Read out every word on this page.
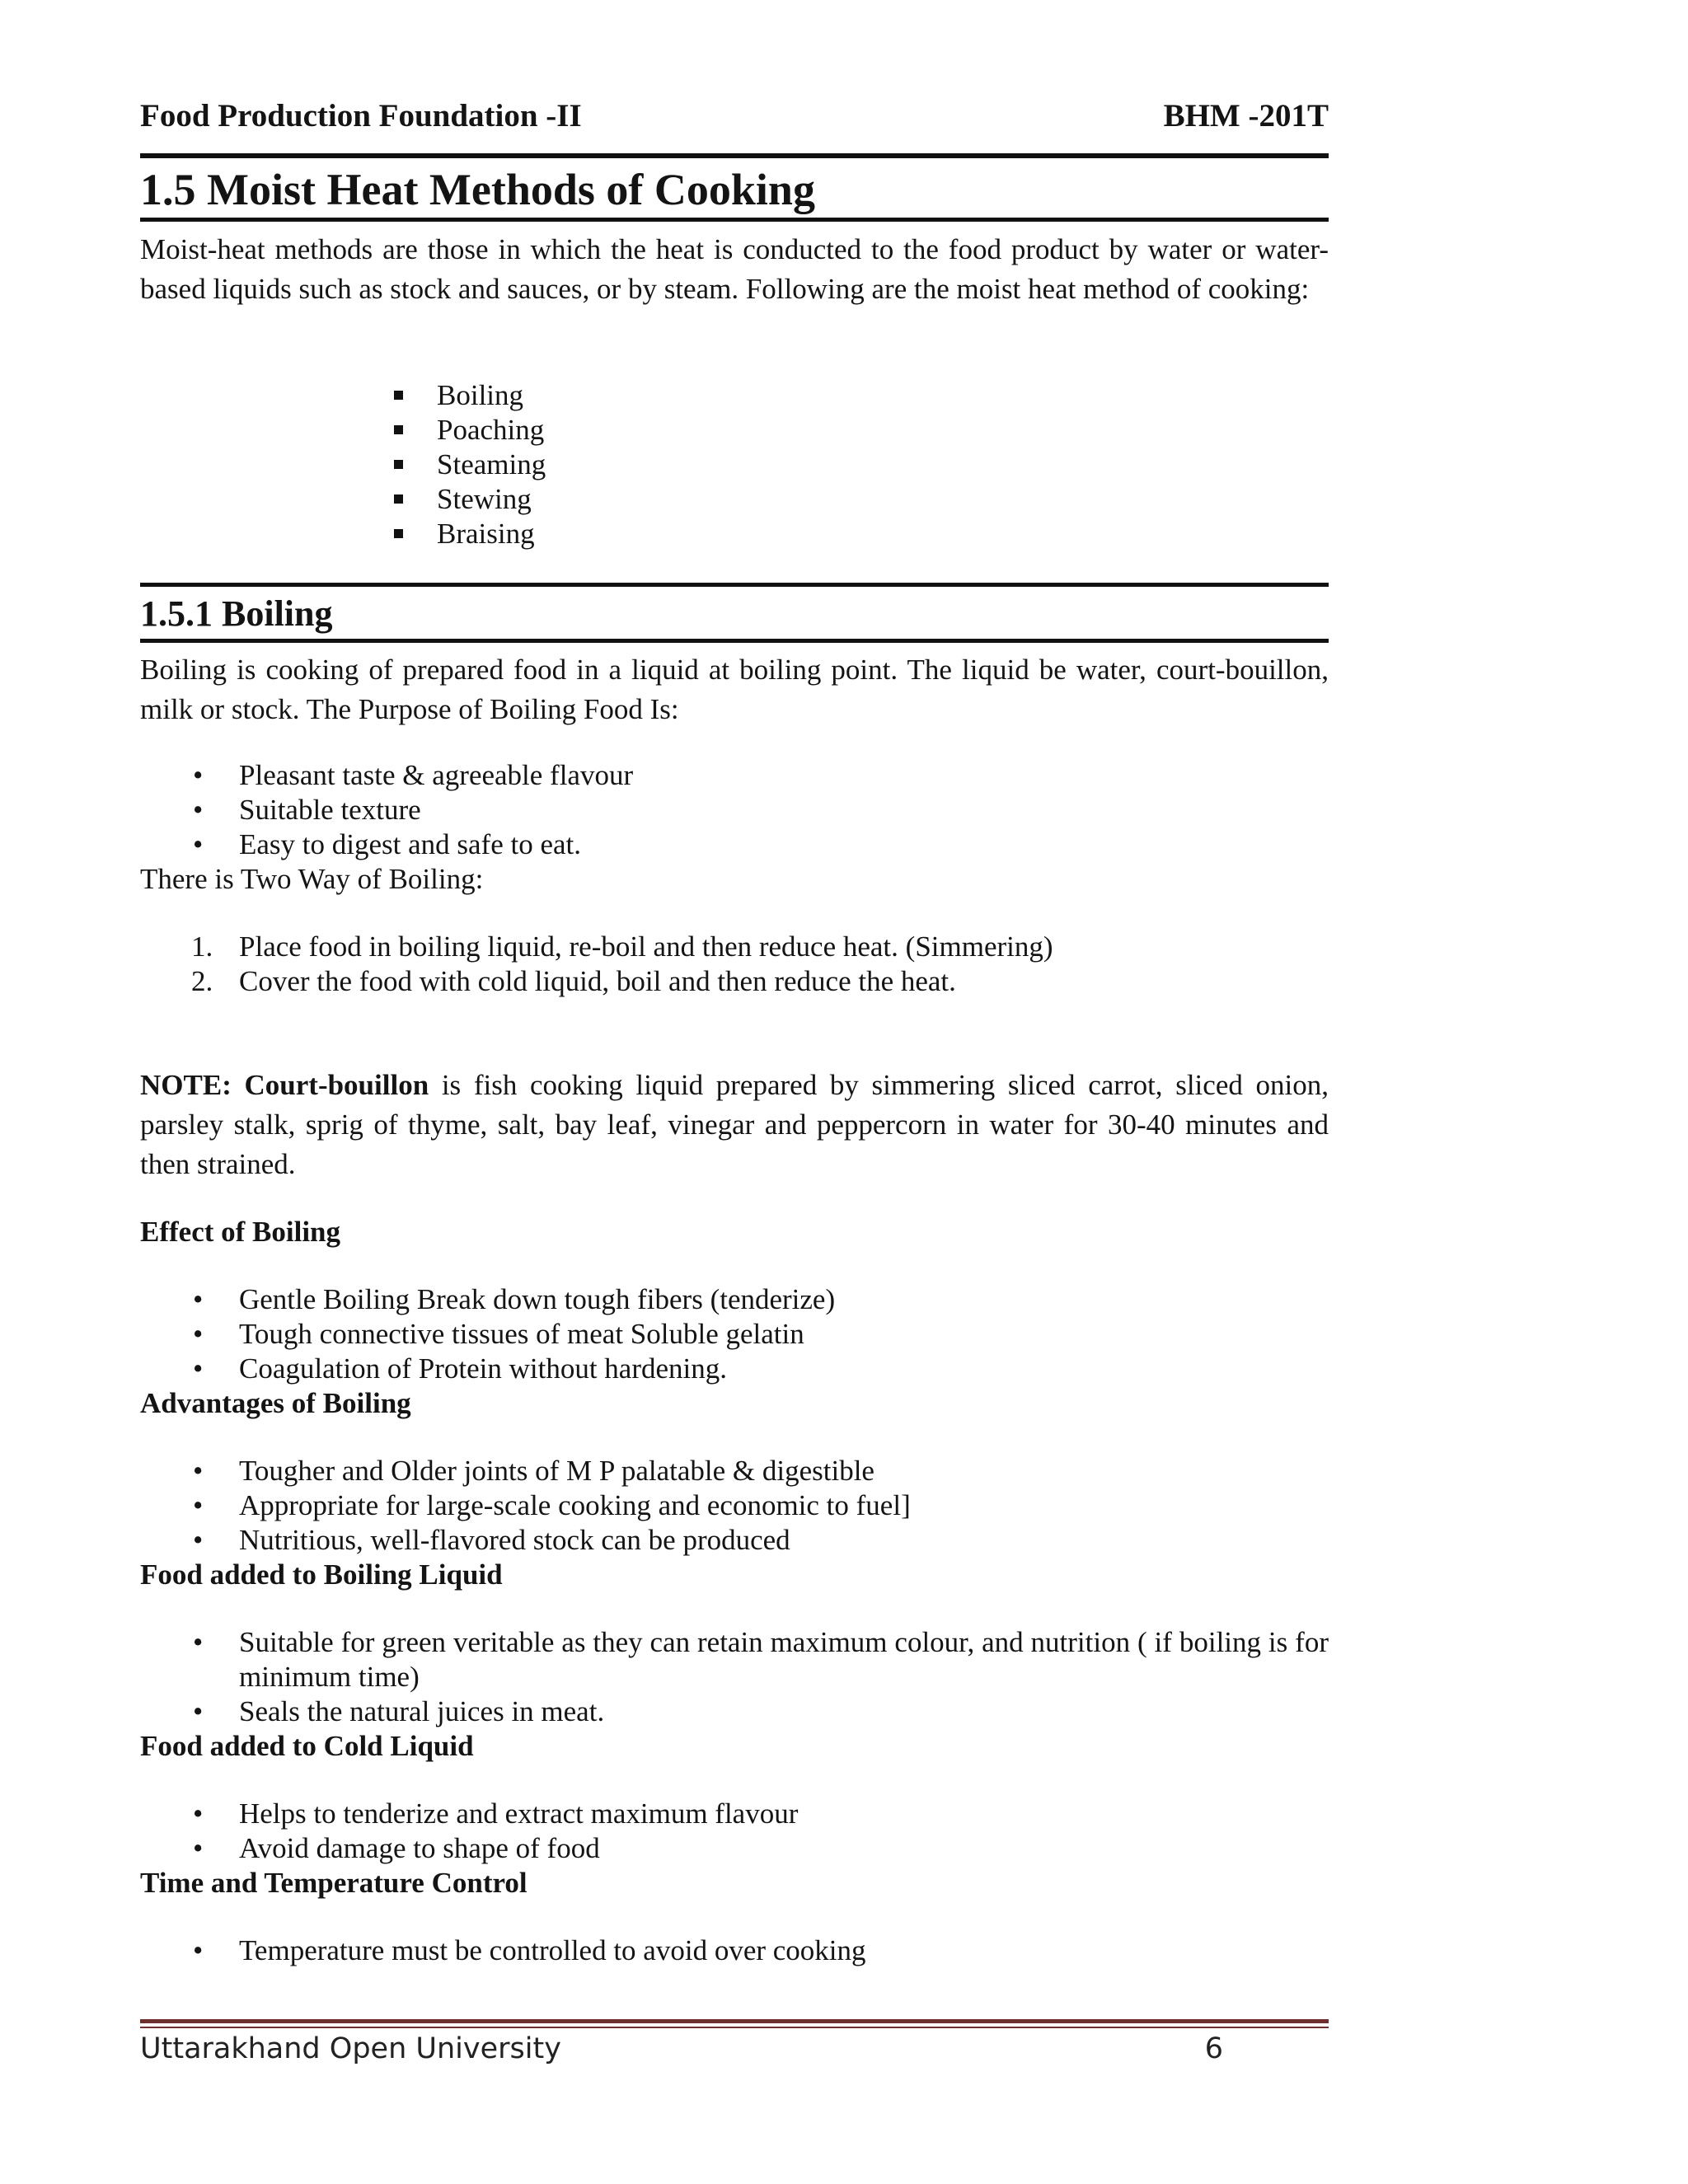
Food Production Foundation -II	BHM -201T
1.5 Moist Heat Methods of Cooking

Moist-heat methods are those in which the heat is conducted to the food product by water or water-based liquids such as stock and sauces, or by steam. Following are the moist heat method of cooking:

Boiling
Poaching
Steaming
Stewing
Braising
1.5.1 Boiling

Boiling is cooking of prepared food in a liquid at boiling point. The liquid be water, court-bouillon, milk or stock. The Purpose of Boiling Food Is:

• Pleasant taste & agreeable flavour
• Suitable texture
• Easy to digest and safe to eat.

There is Two Way of Boiling:

1. Place food in boiling liquid, re-boil and then reduce heat. (Simmering)
2. Cover the food with cold liquid, boil and then reduce the heat.

NOTE: Court-bouillon is fish cooking liquid prepared by simmering sliced carrot, sliced onion, parsley stalk, sprig of thyme, salt, bay leaf, vinegar and peppercorn in water for 30-40 minutes and then strained.

Effect of Boiling

• Gentle Boiling Break down tough fibers (tenderize)
• Tough connective tissues of meat Soluble gelatin
• Coagulation of Protein without hardening.

Advantages of Boiling

• Tougher and Older joints of M P palatable & digestible
• Appropriate for large-scale cooking and economic to fuel]
• Nutritious, well-flavored stock can be produced

Food added to Boiling Liquid

• Suitable for green veritable as they can retain maximum colour, and nutrition ( if boiling is for minimum time)
• Seals the natural juices in meat.

Food added to Cold Liquid

• Helps to tenderize and extract maximum flavour
• Avoid damage to shape of food

Time and Temperature Control

• Temperature must be controlled to avoid over cooking
Uttarakhand Open University	6
